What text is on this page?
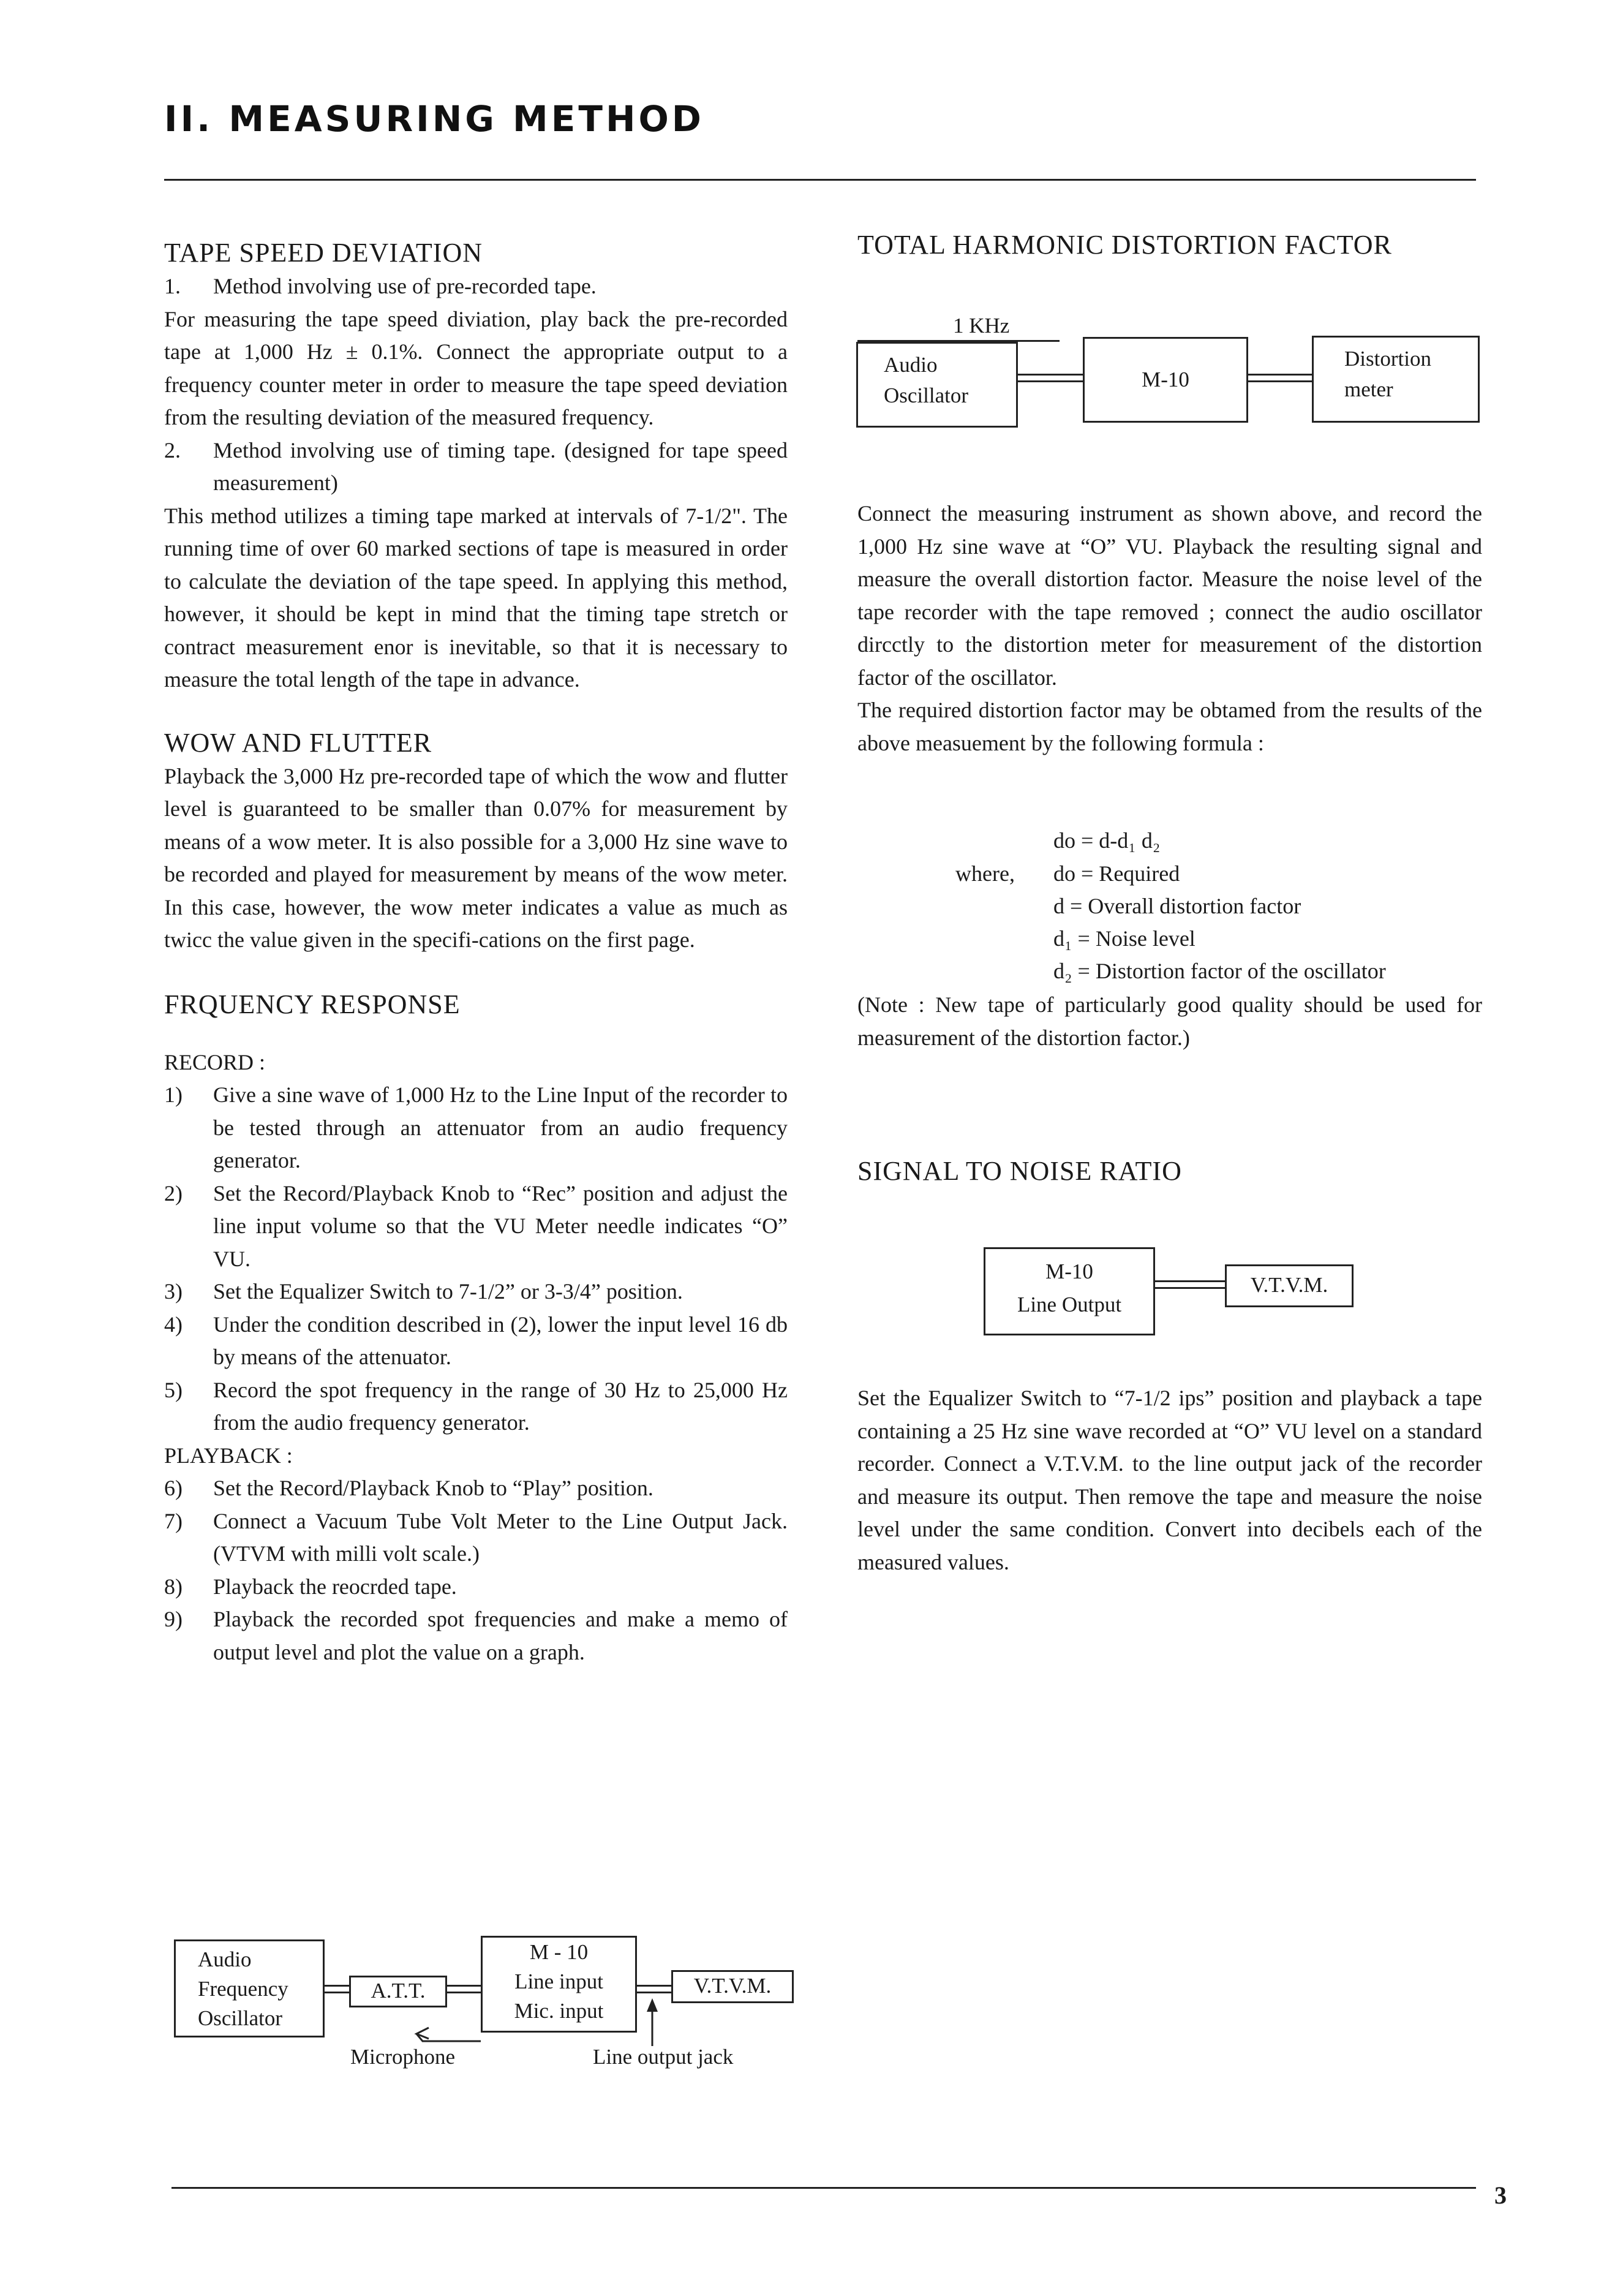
II. MEASURING METHOD
TAPE SPEED DEVIATION
1.	Method involving use of pre-recorded tape.

For measuring the tape speed diviation, play back the pre-recorded tape at 1,000 Hz ± 0.1%. Connect the appropriate output to a frequency counter meter in order to measure the tape speed deviation from the resulting deviation of the measured frequency.

2.	Method involving use of timing tape. (designed for tape speed measurement)

This method utilizes a timing tape marked at intervals of 7-1/2". The running time of over 60 marked sections of tape is measured in order to calculate the deviation of the tape speed. In applying this method, however, it should be kept in mind that the timing tape stretch or contract measurement enor is inevitable, so that it is necessary to measure the total length of the tape in advance.

WOW AND FLUTTER

Playback the 3,000 Hz pre-recorded tape of which the wow and flutter level is guaranteed to be smaller than 0.07% for measurement by means of a wow meter. It is also possible for a 3,000 Hz sine wave to be recorded and played for measurement by means of the wow meter. In this case, however, the wow meter indicates a value as much as twicc the value given in the specifi-cations on the first page.

FRQUENCY RESPONSE
RECORD :
1)	Give a sine wave of 1,000 Hz to the Line Input of the recorder to be tested through an attenuator from an audio frequency generator.
2)	Set the Record/Playback Knob to “Rec” position and adjust the line input volume so that the VU Meter needle indicates “O” VU.
3)	Set the Equalizer Switch to 7-1/2” or 3-3/4” position.
4)	Under the condition described in (2), lower the input level 16 db by means of the attenuator.
5)	Record the spot frequency in the range of 30 Hz to 25,000 Hz from the audio frequency generator.
PLAYBACK :
6)	Set the Record/Playback Knob to “Play” position.
7)	Connect a Vacuum Tube Volt Meter to the Line Output Jack. (VTVM with milli volt scale.)
8)	Playback the reocrded tape.
9)	Playback the recorded spot frequencies and make a memo of output level and plot the value on a graph.
Audio
Frequency
Oscillator
A.T.T.
M - 10
Line input
Mic. input
V.T.V.M.
Microphone	Line output jack
TOTAL HARMONIC DISTORTION FACTOR
1 KHz
Audio
Oscillator
M-10
Distortion
meter

Connect the measuring instrument as shown above, and record the 1,000 Hz sine wave at “O” VU. Playback the resulting signal and measure the overall distortion factor. Measure the noise level of the tape recorder with the tape removed ; connect the audio oscillator dircctly to the distortion meter for measurement of the distortion factor of the oscillator.

The required distortion factor may be obtamed from the results of the above measuement by the following formula :

do = d-d₁ d₂
where, do = Required
d = Overall distortion factor
d₁ = Noise level
d₂ = Distortion factor of the oscillator

(Note : New tape of particularly good quality should be used for measurement of the distortion factor.)

SIGNAL TO NOISE RATIO
M-10
Line Output
V.T.V.M.

Set the Equalizer Switch to “7-1/2 ips” position and playback a tape containing a 25 Hz sine wave recorded at “O” VU level on a standard recorder. Connect a V.T.V.M. to the line output jack of the recorder and measure its output. Then remove the tape and measure the noise level under the same condition. Convert into decibels each of the measured values.

3
